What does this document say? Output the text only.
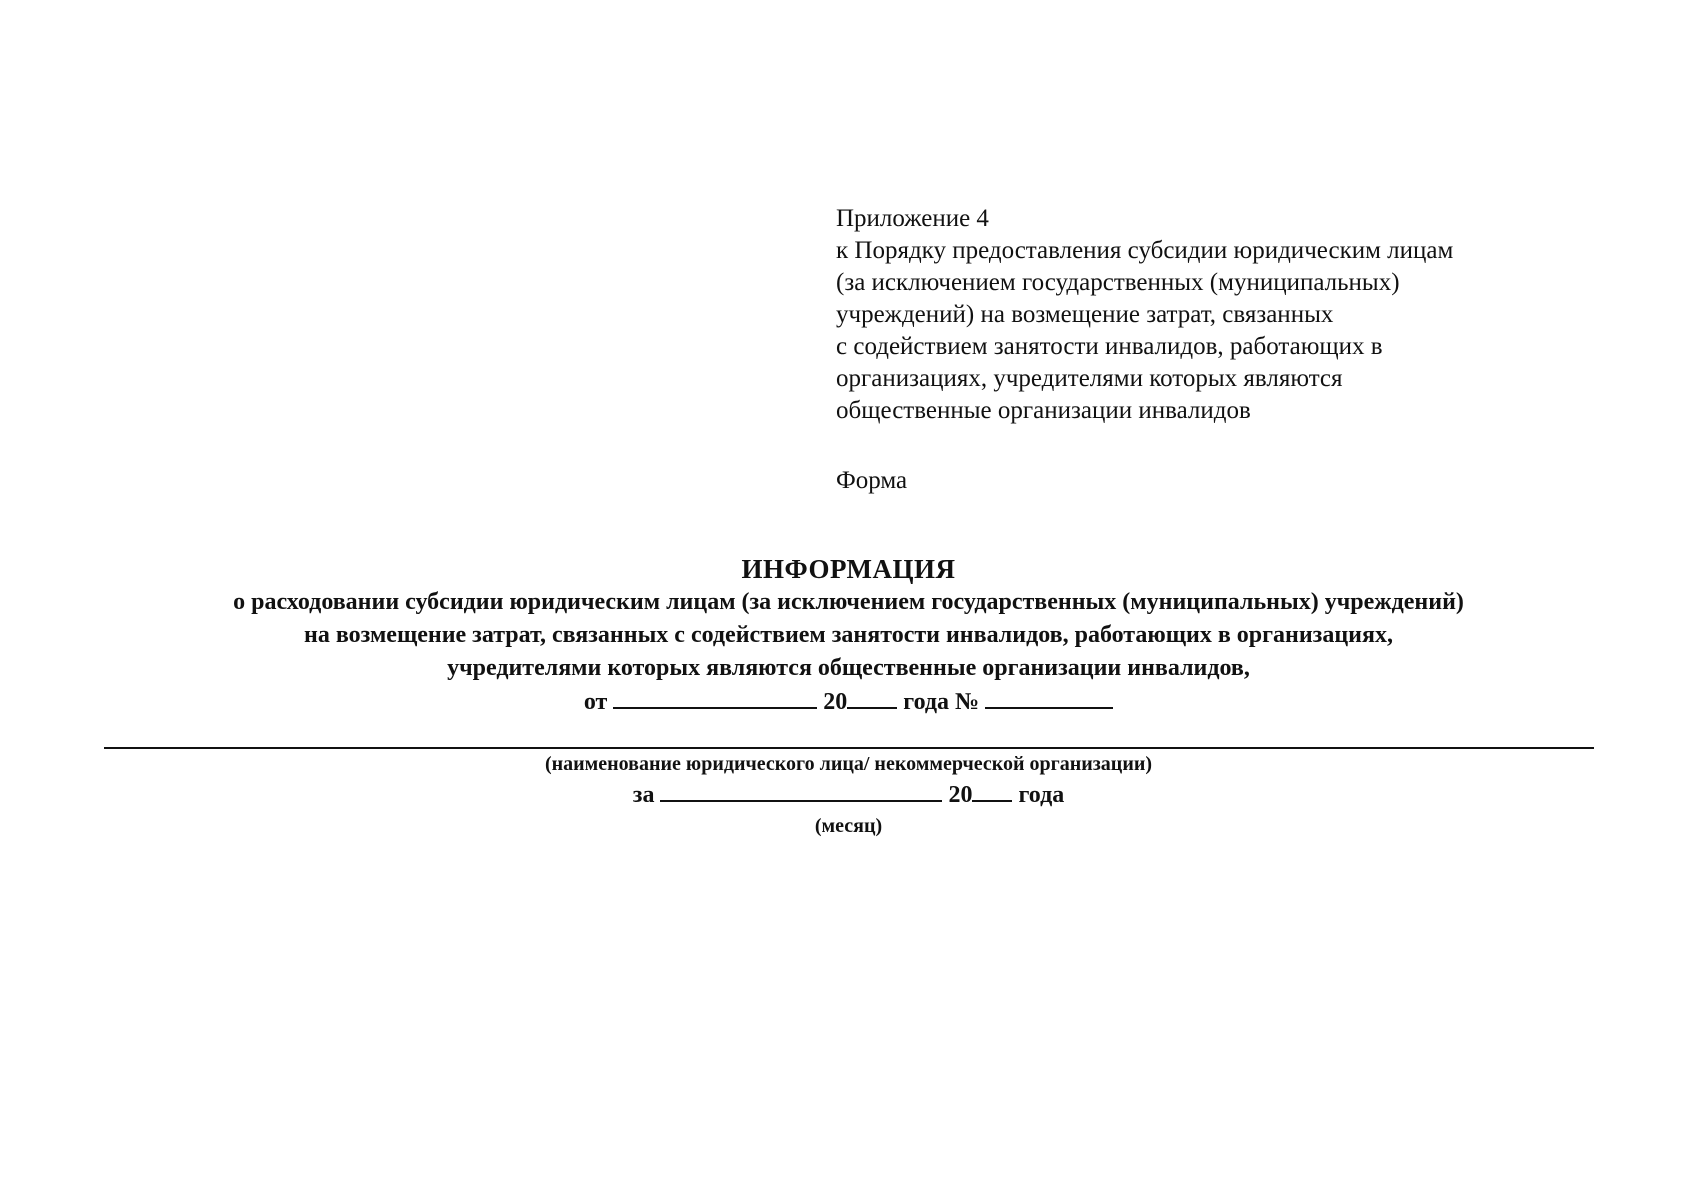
Приложение 4
к Порядку предоставления субсидии юридическим лицам
(за исключением государственных (муниципальных)
учреждений) на возмещение затрат, связанных
с содействием занятости инвалидов, работающих в
организациях, учредителями которых являются
общественные организации инвалидов
Форма
ИНФОРМАЦИЯ
о расходовании субсидии юридическим лицам (за исключением государственных (муниципальных) учреждений)
на возмещение затрат, связанных с содействием занятости инвалидов, работающих в организациях,
учредителями которых являются общественные организации инвалидов,
от	20 года №
(наименование юридического лица/ некоммерческой организации)
за	20 года
(месяц)
